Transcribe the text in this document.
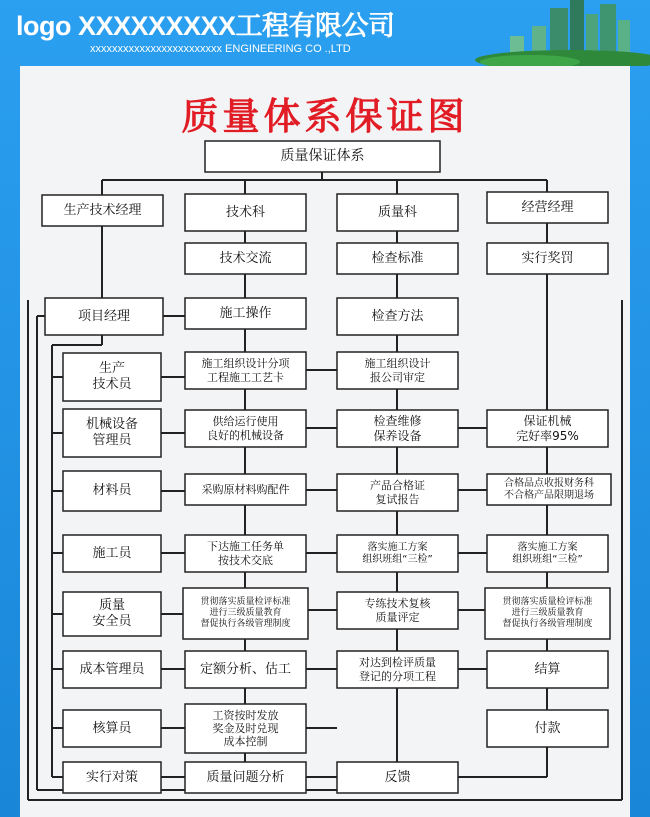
logo XXXXXXXXX工程有限公司
xxxxxxxxxxxxxxxxxxxxxxxx ENGINEERING CO .,LTD
质量体系保证图
质量保证体系
生产技术经理
项目经理
生产
技术员
机械设备
管理员
材料员
施工员
质量
安全员
成本管理员
核算员
实行对策
技术科
技术交流
施工操作
施工组织设计分项
工程施工工艺卡
供给运行使用
良好的机械设备
采购原材料购配件
下达施工任务单
按技术交底
贯彻落实质量检评标准
进行三级质量教育
督促执行各级管理制度
定额分析、估工
工资按时发放
奖金及时兑现
成本控制
质量问题分析
质量科
检查标准
检查方法
施工组织设计
报公司审定
检查维修
保养设备
产品合格证
复试报告
落实施工方案
组织班组“三检”
专练技术复核
质量评定
对达到检评质量
登记的分项工程
反馈
经营经理
实行奖罚
保证机械
完好率95%
合格品点收报财务科
不合格产品限期退场
落实施工方案
组织班组“三检”
贯彻落实质量检评标准
进行三级质量教育
督促执行各级管理制度
结算
付款
